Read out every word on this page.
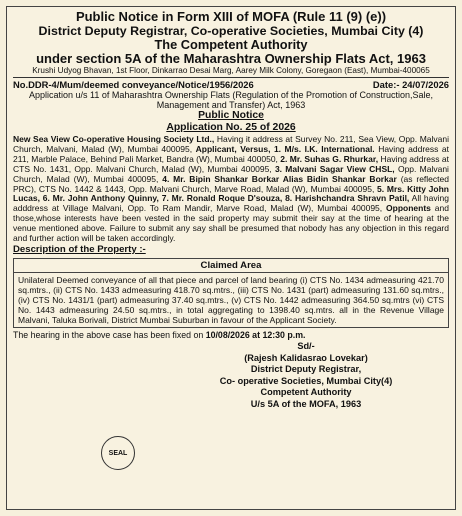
Public Notice in Form XIII of MOFA (Rule 11 (9) (e))
District Deputy Registrar, Co-operative Societies, Mumbai City (4)
The Competent Authority
under section 5A of the Maharashtra Ownership Flats Act, 1963
Krushi Udyog Bhavan, 1st Floor, Dinkarrao Desai Marg, Aarey Milk Colony, Goregaon (East), Mumbai-400065
No.DDR-4/Mum/deemed conveyance/Notice/1956/2026	Date:- 24/07/2026
Application u/s 11 of Maharashtra Ownership Flats (Regulation of the Promotion of Construction,Sale, Management and Transfer) Act, 1963
Public Notice
Application No. 25 of 2026
New Sea View Co-operative Housing Society Ltd., Having it address at Survey No. 211, Sea View, Opp. Malvani Church, Malvani, Malad (W), Mumbai 400095, Applicant, Versus, 1. M/s. I.K. International. Having address at 211, Marble Palace, Behind Pali Market, Bandra (W), Mumbai 400050, 2. Mr. Suhas G. Rhurkar, Having address at CTS No. 1431, Opp. Malvani Church, Malad (W), Mumbai 400095, 3. Malvani Sagar View CHSL, Opp. Malvani Church, Malad (W), Mumbai 400095, 4. Mr. Bipin Shankar Borkar Alias Bidin Shankar Borkar (as reflected PRC), CTS No. 1442 & 1443, Opp. Malvani Church, Marve Road, Malad (W), Mumbai 400095, 5. Mrs. Kitty John Lucas, 6. Mr. John Anthony Quinny, 7. Mr. Ronald Roque D'souza, 8. Harishchandra Shravn Patil, All having adddress at Village Malvani, Opp. To Ram Mandir, Marve Road, Malad (W), Mumbai 400095, Opponents and those,whose interests have been vested in the said property may submit their say at the time of hearing at the venue mentioned above. Failure to submit any say shall be presumed that nobody has any objection in this regard and further action will be taken accordingly.
Description of the Property :-
Claimed Area
Unilateral Deemed conveyance of all that piece and parcel of land bearing (i) CTS No. 1434 admeasuring 421.70 sq.mtrs., (ii) CTS No. 1433 admeasuring 418.70 sq.mtrs., (iii) CTS No. 1431 (part) admeasuring 131.60 sq.mtrs., (iv) CTS No. 1431/1 (part) admeasuring 37.40 sq.mtrs., (v) CTS No. 1442 admeasuring 364.50 sq.mtrs (vi) CTS No. 1443 admeasuring 24.50 sq.mtrs., in total aggregating to 1398.40 sq.mtrs. all in the Revenue Village Malvani, Taluka Borivali, District Mumbai Suburban in favour of the Applicant Society.
The hearing in the above case has been fixed on 10/08/2026 at 12:30 p.m.
Sd/-
(Rajesh Kalidasrao Lovekar)
District Deputy Registrar,
Co- operative Societies, Mumbai City(4)
Competent Authority
U/s 5A of the MOFA, 1963
SEAL
